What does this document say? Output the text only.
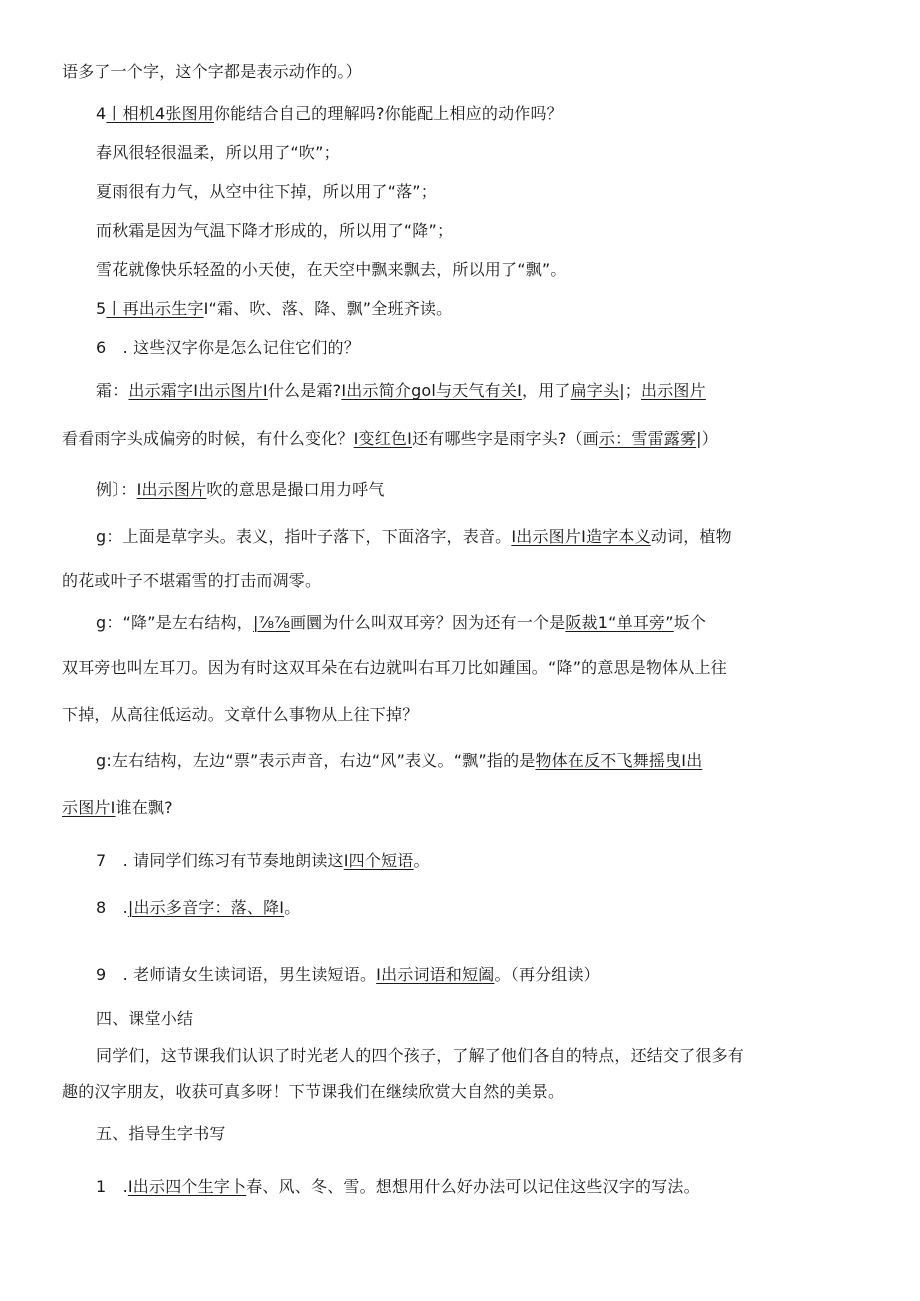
语多了一个字，这个字都是表示动作的。）
4丨相机4张图用你能结合自己的理解吗?你能配上相应的动作吗？
春风很轻很温柔，所以用了“吹”；
夏雨很有力气，从空中往下掉，所以用了“落”；
而秋霜是因为气温下降才形成的，所以用了“降”；
雪花就像快乐轻盈的小天使，在天空中飘来飘去，所以用了“飘”。
5丨再出示生字I“霜、吹、落、降、飘”全班齐读。
6　. 这些汉字你是怎么记住它们的？
霜：出示霜字I出示图片I什么是霜?I出示简介gol与天气有关I，用了扁字头|；出示图片
看看雨字头成偏旁的时候，有什么变化？I变红色I还有哪些字是雨字头?（画示：雪雷露雾|）
例〕：I出示图片吹的意思是撮口用力呼气
g：上面是草字头。表义，指叶子落下，下面洛字，表音。I出示图片I造字本义动词，植物
的花或叶子不堪霜雪的打击而凋零。
g：“降”是左右结构，|⅞⅞画圜为什么叫双耳旁？因为还有一个是阪裁1“单耳旁”坂个
双耳旁也叫左耳刀。因为有时这双耳朵在右边就叫右耳刀比如踵国。“降”的意思是物体从上往
下掉，从高往低运动。文章什么事物从上往下掉？
g:左右结构，左边“票”表示声音，右边“风”表义。“飘”指的是物体在反不飞舞摇曳I出
示图片I谁在飘?
7　. 请同学们练习有节奏地朗读这I四个短语。
8　.|出示多音字：落、降I。
9　. 老师请女生读词语，男生读短语。I出示词语和短阖。（再分组读）
四、课堂小结
同学们，这节课我们认识了时光老人的四个孩子，了解了他们各自的特点，还结交了很多有
趣的汉字朋友，收获可真多呀！下节课我们在继续欣赏大自然的美景。
五、指导生字书写
1　.I出示四个生字卜春、风、冬、雪。想想用什么好办法可以记住这些汉字的写法。
